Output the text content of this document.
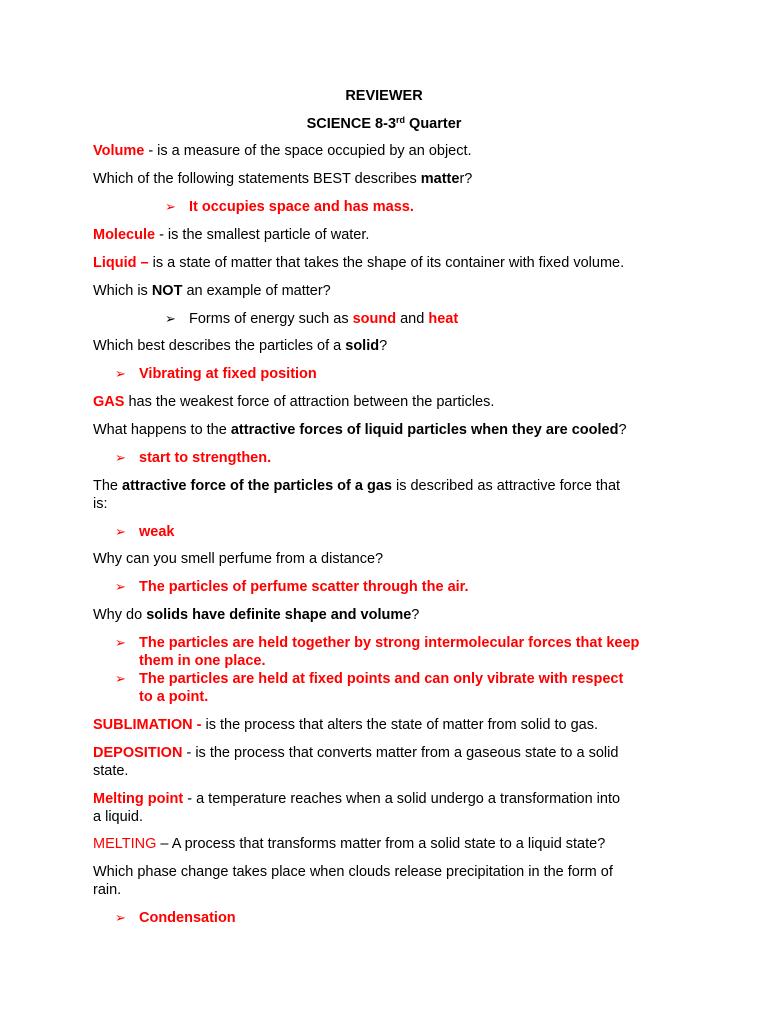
REVIEWER
SCIENCE 8-3rd Quarter
Volume - is a measure of the space occupied by an object.
Which of the following statements BEST describes matter?
➢ It occupies space and has mass.
Molecule - is the smallest particle of water.
Liquid – is a state of matter that takes the shape of its container with fixed volume.
Which is NOT an example of matter?
➢ Forms of energy such as sound and heat
Which best describes the particles of a solid?
➢ Vibrating at fixed position
GAS has the weakest force of attraction between the particles.
What happens to the attractive forces of liquid particles when they are cooled?
➢ start to strengthen.
The attractive force of the particles of a gas is described as attractive force that
is:
➢ weak
Why can you smell perfume from a distance?
➢ The particles of perfume scatter through the air.
Why do solids have definite shape and volume?
➢ The particles are held together by strong intermolecular forces that keep
them in one place.
➢ The particles are held at fixed points and can only vibrate with respect
to a point.
SUBLIMATION - is the process that alters the state of matter from solid to gas.
DEPOSITION - is the process that converts matter from a gaseous state to a solid
state.
Melting point - a temperature reaches when a solid undergo a transformation into
a liquid.
MELTING – A process that transforms matter from a solid state to a liquid state?
Which phase change takes place when clouds release precipitation in the form of
rain.
➢ Condensation
